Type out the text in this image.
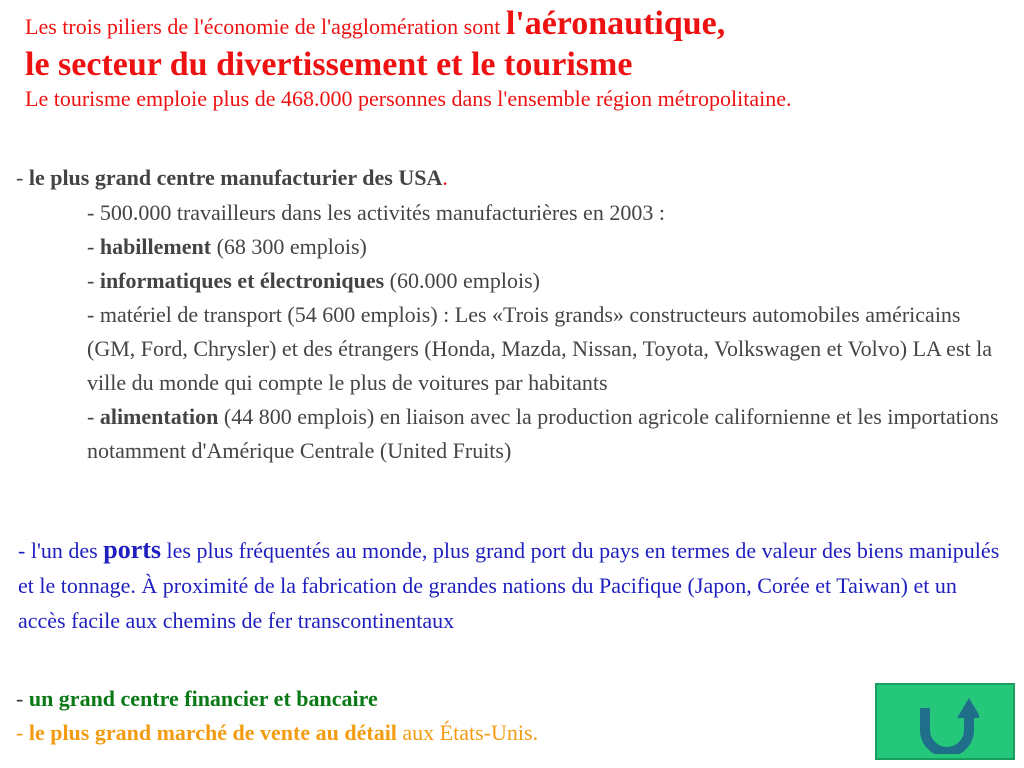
Les trois piliers de l'économie de l'agglomération sont l'aéronautique,
le secteur du divertissement et le tourisme
Le tourisme emploie plus de 468.000 personnes dans l'ensemble région métropolitaine.
- le plus grand centre manufacturier des USA.
- 500.000 travailleurs dans les activités manufacturières en 2003 :
- habillement (68 300 emplois)
- informatiques et électroniques (60.000 emplois)
- matériel de transport (54 600 emplois) : Les «Trois grands» constructeurs automobiles américains (GM, Ford, Chrysler) et des étrangers (Honda, Mazda, Nissan, Toyota, Volkswagen et Volvo) LA est la ville du monde qui compte le plus de voitures par habitants
- alimentation (44 800 emplois) en liaison avec la production agricole californienne et les importations notamment d'Amérique Centrale (United Fruits)
- l'un des ports les plus fréquentés au monde, plus grand port du pays en termes de valeur des biens manipulés et le tonnage. À proximité de la fabrication de grandes nations du Pacifique (Japon, Corée et Taiwan) et un accès facile aux chemins de fer transcontinentaux
- un grand centre financier et bancaire
- le plus grand marché de vente au détail aux États-Unis.
